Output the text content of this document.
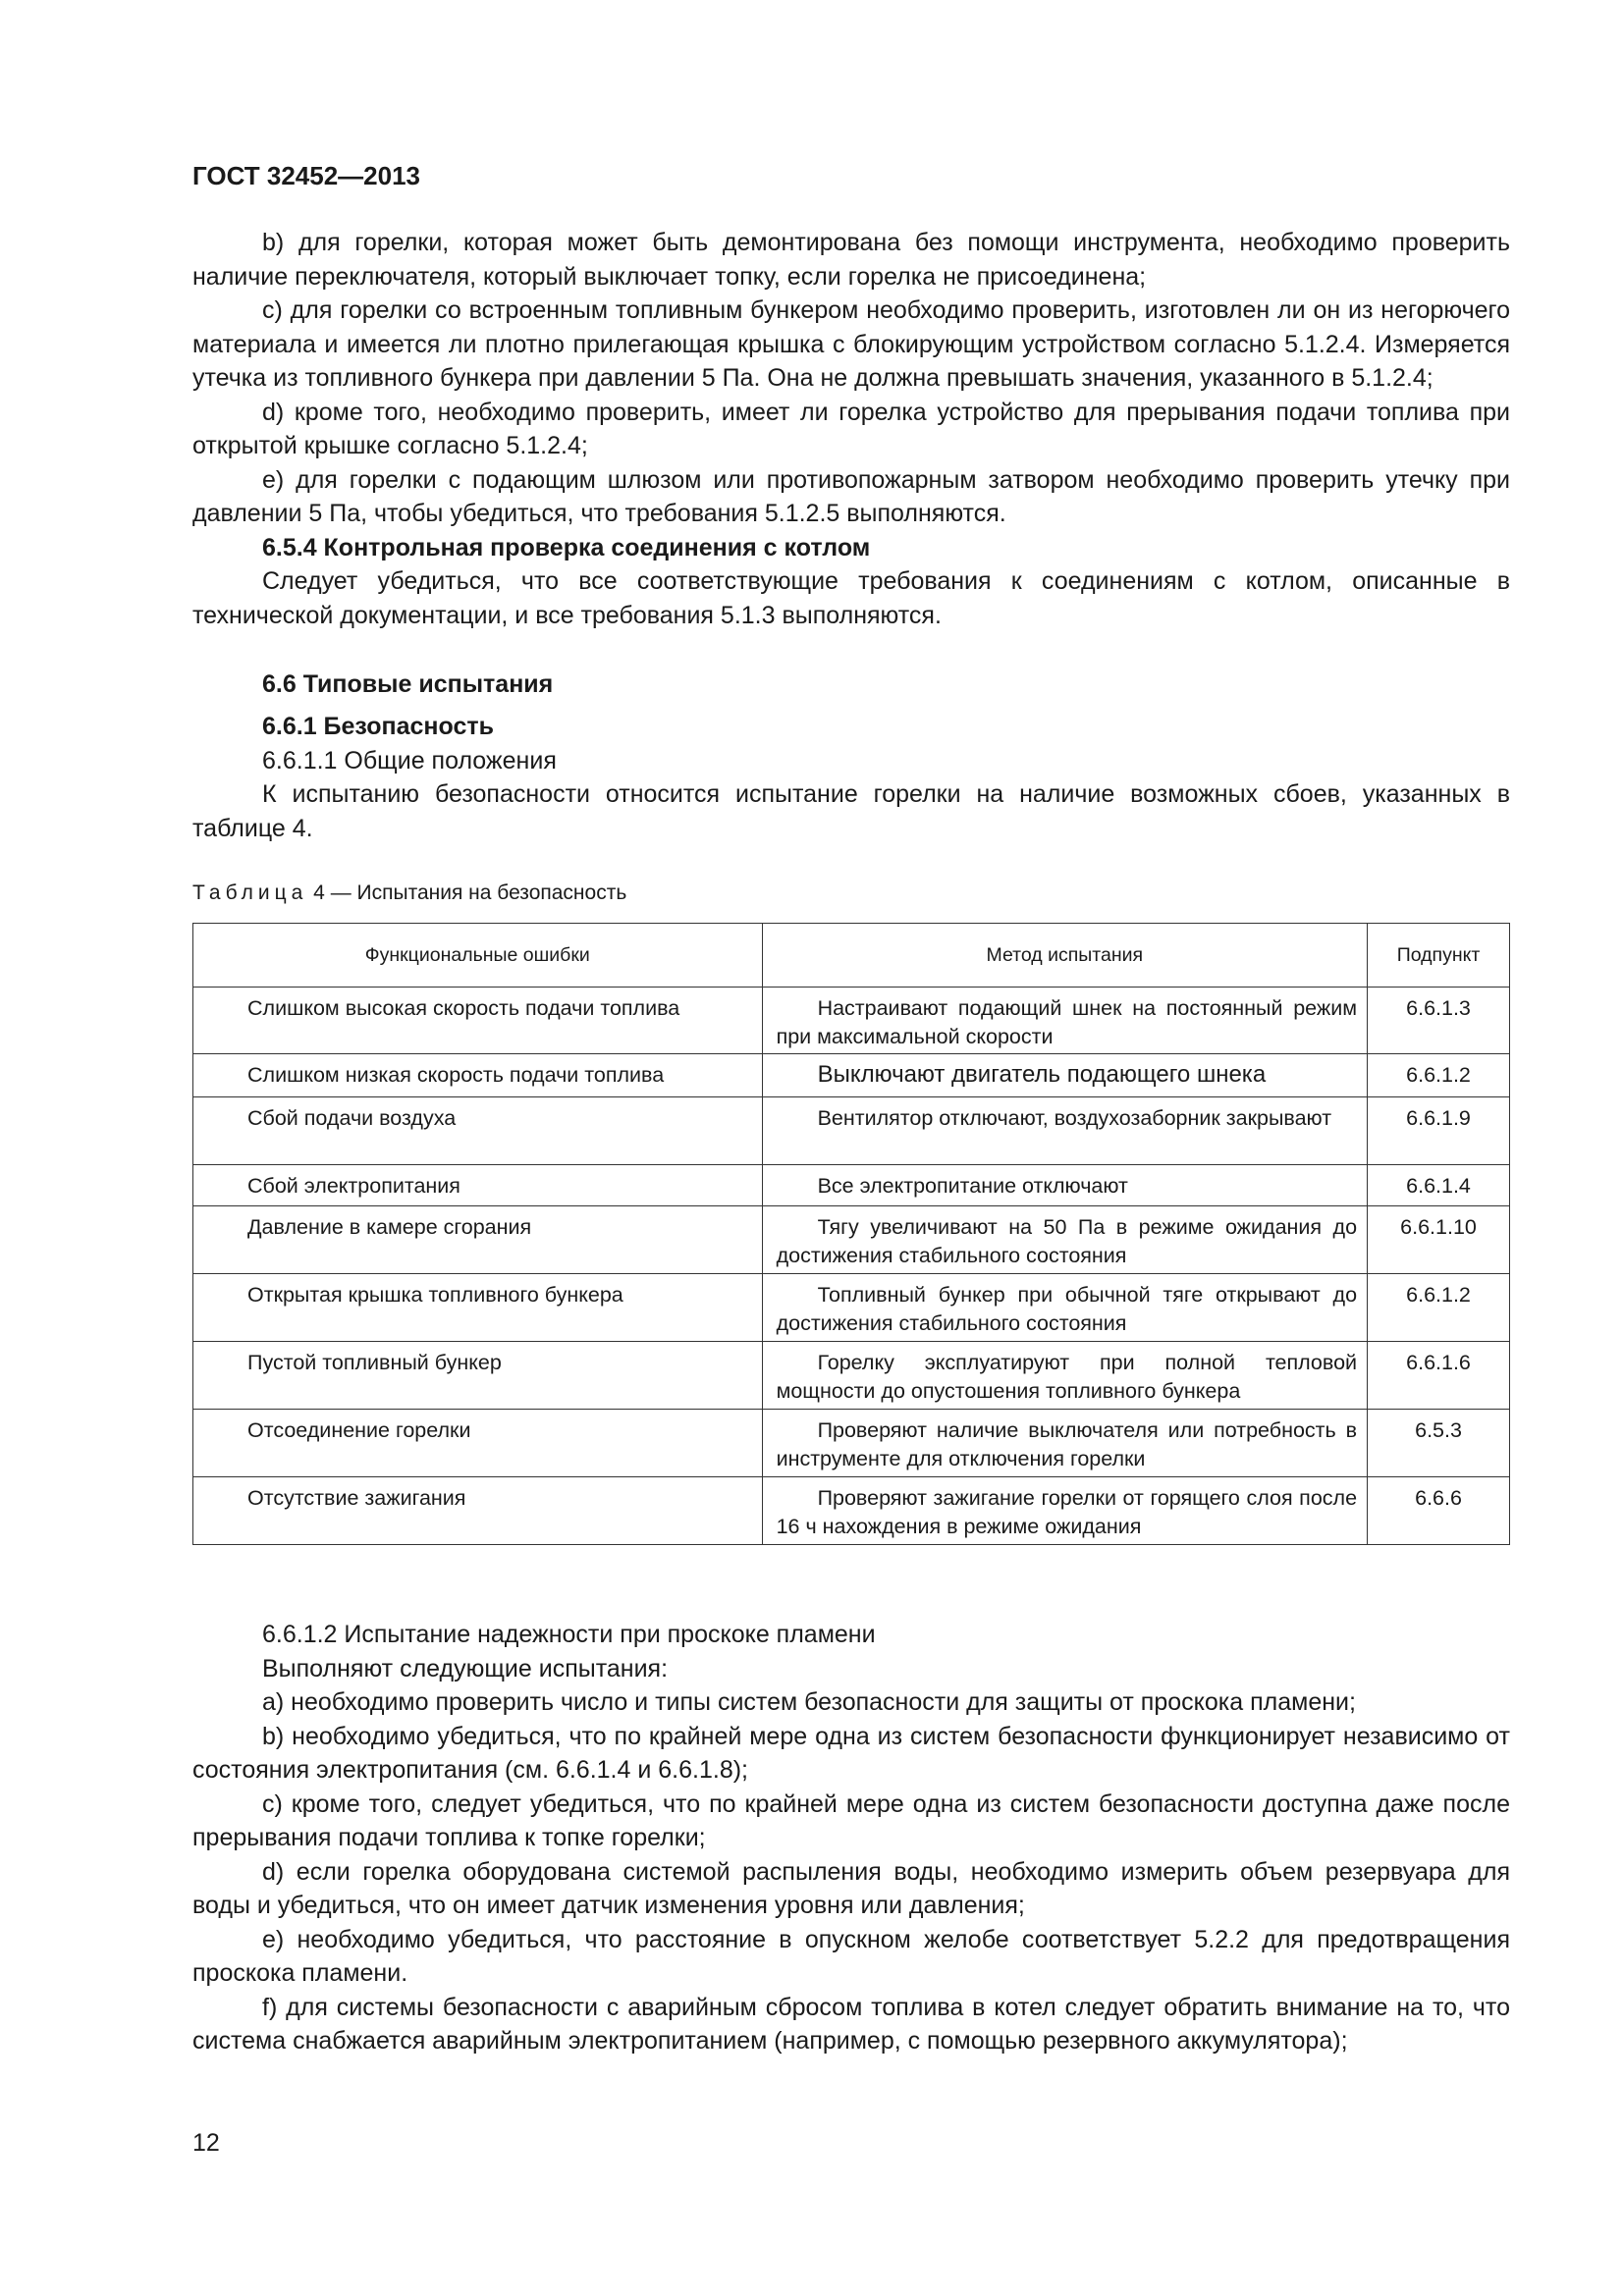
ГОСТ 32452—2013

b) для горелки, которая может быть демонтирована без помощи инструмента, необходимо проверить наличие переключателя, который выключает топку, если горелка не присоединена;

c) для горелки со встроенным топливным бункером необходимо проверить, изготовлен ли он из негорючего материала и имеется ли плотно прилегающая крышка с блокирующим устройством согласно 5.1.2.4. Измеряется утечка из топливного бункера при давлении 5 Па. Она не должна превышать значения, указанного в 5.1.2.4;

d) кроме того, необходимо проверить, имеет ли горелка устройство для прерывания подачи топлива при открытой крышке согласно 5.1.2.4;

e) для горелки с подающим шлюзом или противопожарным затвором необходимо проверить утечку при давлении 5 Па, чтобы убедиться, что требования 5.1.2.5 выполняются.

6.5.4 Контрольная проверка соединения с котлом

Следует убедиться, что все соответствующие требования к соединениям с котлом, описанные в технической документации, и все требования 5.1.3 выполняются.

6.6 Типовые испытания

6.6.1 Безопасность

6.6.1.1 Общие положения

К испытанию безопасности относится испытание горелки на наличие возможных сбоев, указанных в таблице 4.

Таблица 4 — Испытания на безопасность
Функциональные ошибки	Метод испытания	Подпункт
Слишком высокая скорость подачи топлива	Настраивают подающий шнек на постоянный режим при максимальной скорости	6.6.1.3
Слишком низкая скорость подачи топлива	Выключают двигатель подающего шнека	6.6.1.2
Сбой подачи воздуха	Вентилятор отключают, воздухозаборник закрывают	6.6.1.9
Сбой электропитания	Все электропитание отключают	6.6.1.4
Давление в камере сгорания	Тягу увеличивают на 50 Па в режиме ожидания до достижения стабильного состояния	6.6.1.10
Открытая крышка топливного бункера	Топливный бункер при обычной тяге открывают до достижения стабильного состояния	6.6.1.2
Пустой топливный бункер	Горелку эксплуатируют при полной тепловой мощности до опустошения топливного бункера	6.6.1.6
Отсоединение горелки	Проверяют наличие выключателя или потребность в инструменте для отключения горелки	6.5.3
Отсутствие зажигания	Проверяют зажигание горелки от горящего слоя после 16 ч нахождения в режиме ожидания	6.6.6

6.6.1.2 Испытание надежности при проскоке пламени

Выполняют следующие испытания:

a) необходимо проверить число и типы систем безопасности для защиты от проскока пламени;

b) необходимо убедиться, что по крайней мере одна из систем безопасности функционирует независимо от состояния электропитания (см. 6.6.1.4 и 6.6.1.8);

c) кроме того, следует убедиться, что по крайней мере одна из систем безопасности доступна даже после прерывания подачи топлива к топке горелки;

d) если горелка оборудована системой распыления воды, необходимо измерить объем резервуара для воды и убедиться, что он имеет датчик изменения уровня или давления;

e) необходимо убедиться, что расстояние в опускном желобе соответствует 5.2.2 для предотвращения проскока пламени.

f) для системы безопасности с аварийным сбросом топлива в котел следует обратить внимание на то, что система снабжается аварийным электропитанием (например, с помощью резервного аккумулятора);

12
